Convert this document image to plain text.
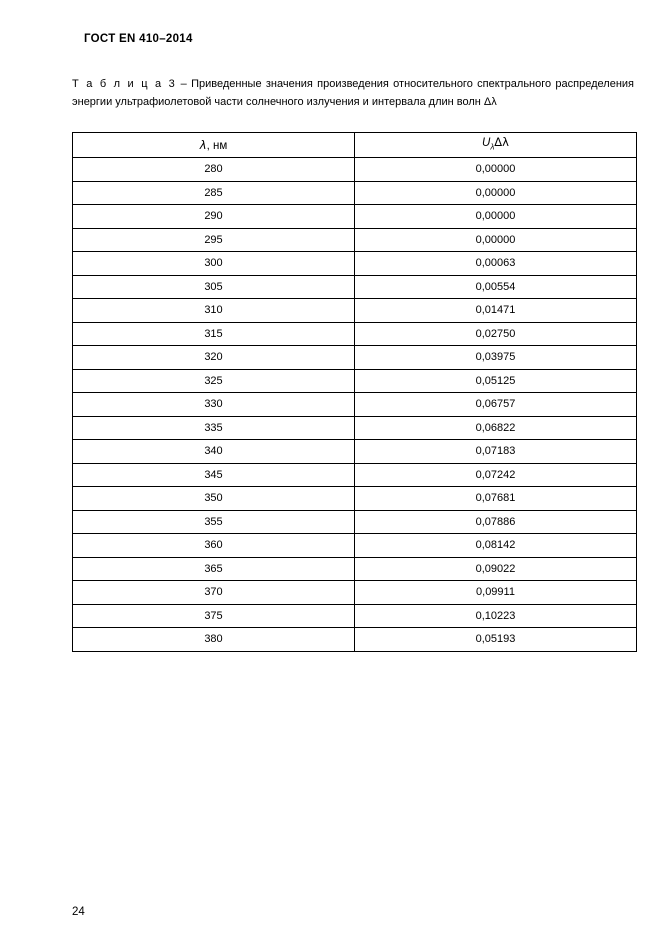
ГОСТ EN 410–2014
Т а б л и ц а 3 – Приведенные значения произведения относительного спектрального распределения энергии ультрафиолетовой части солнечного излучения и интервала длин волн Δλ
λ, нм	$U_\lambda\Delta\lambda$
280	0,00000
285	0,00000
290	0,00000
295	0,00000
300	0,00063
305	0,00554
310	0,01471
315	0,02750
320	0,03975
325	0,05125
330	0,06757
335	0,06822
340	0,07183
345	0,07242
350	0,07681
355	0,07886
360	0,08142
365	0,09022
370	0,09911
375	0,10223
380	0,05193
24
